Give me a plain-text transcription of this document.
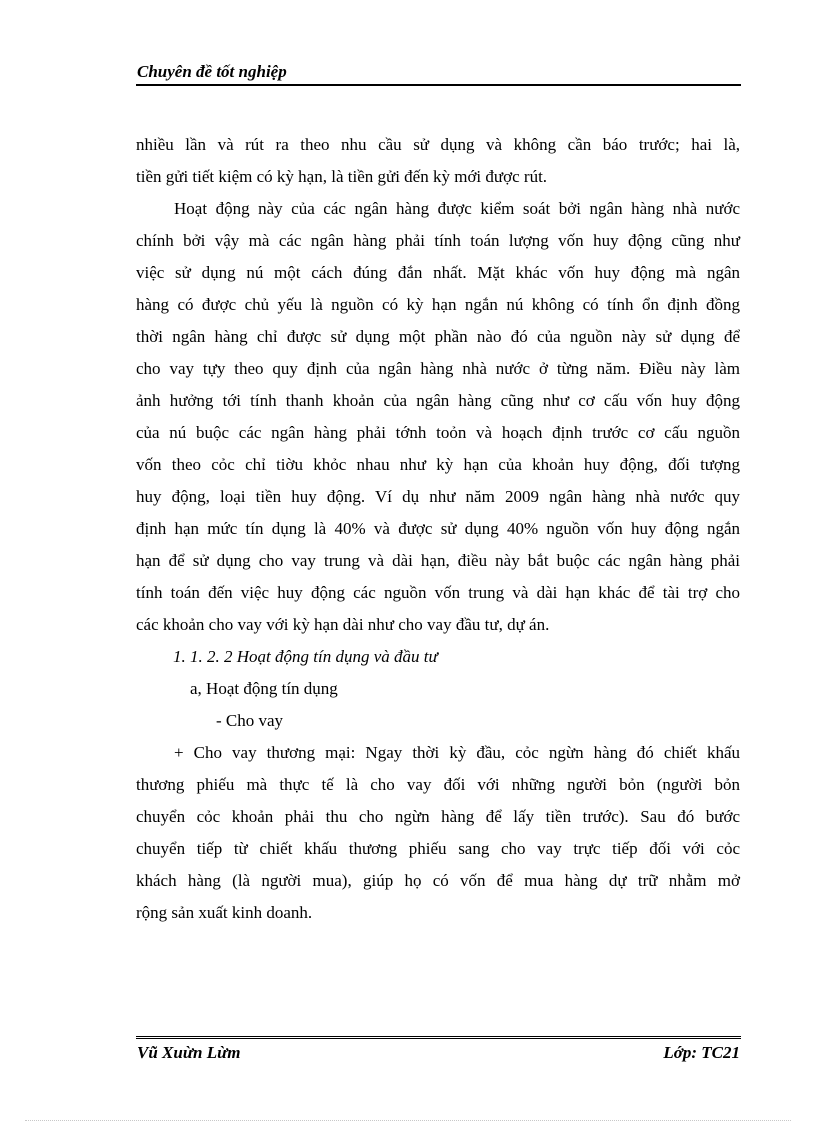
Chuyên đề tốt nghiệp
nhiều lần và rút ra theo nhu cầu sử dụng và không cần báo trước; hai là,
tiền gửi tiết kiệm có kỳ hạn, là tiền gửi đến kỳ mới được rút.
Hoạt động này của các ngân hàng được kiểm soát bởi ngân hàng nhà nước
chính bởi vậy mà các ngân hàng phải tính toán lượng vốn huy động cũng như
việc sử dụng nú một cách đúng đắn nhất. Mặt khác vốn huy động mà ngân
hàng có được chủ yếu là nguồn có kỳ hạn ngắn nú không có tính ổn định đồng
thời ngân hàng chỉ được sử dụng một phần nào đó của nguồn này sử dụng để
cho vay tựy theo quy định của ngân hàng nhà nước ở từng năm. Điều này làm
ảnh hưởng tới tính thanh khoản của ngân hàng cũng như cơ cấu vốn huy động
của nú buộc các ngân hàng phải tớnh toỏn và hoạch định trước cơ cấu nguồn
vốn theo cỏc chỉ tiờu khỏc nhau như kỳ hạn của khoản huy động, đối tượng
huy động, loại tiền huy động. Ví dụ như năm 2009 ngân hàng nhà nước quy
định hạn mức tín dụng là 40% và được sử dụng 40% nguồn vốn huy động ngắn
hạn để sử dụng cho vay trung và dài hạn, điều này bắt buộc các ngân hàng phải
tính toán đến việc huy động các nguồn vốn trung và dài hạn khác để tài trợ cho
các khoản cho vay với kỳ hạn dài như cho vay đầu tư, dự án.
1. 1. 2. 2 Hoạt động tín dụng và đầu tư
a, Hoạt động tín dụng
- Cho vay
+ Cho vay thương mại: Ngay thời kỳ đầu, cỏc ngừn hàng đó chiết khấu
thương phiếu mà thực tế là cho vay đối với những người bỏn (người bỏn
chuyển cỏc khoản phải thu cho ngừn hàng để lấy tiền trước). Sau đó bước
chuyển tiếp từ chiết khấu thương phiếu sang cho vay trực tiếp đối với cỏc
khách hàng (là người mua), giúp họ có vốn để mua hàng dự trữ nhằm mở
rộng sản xuất kinh doanh.
Vũ Xuừn Lừm	Lớp: TC21
